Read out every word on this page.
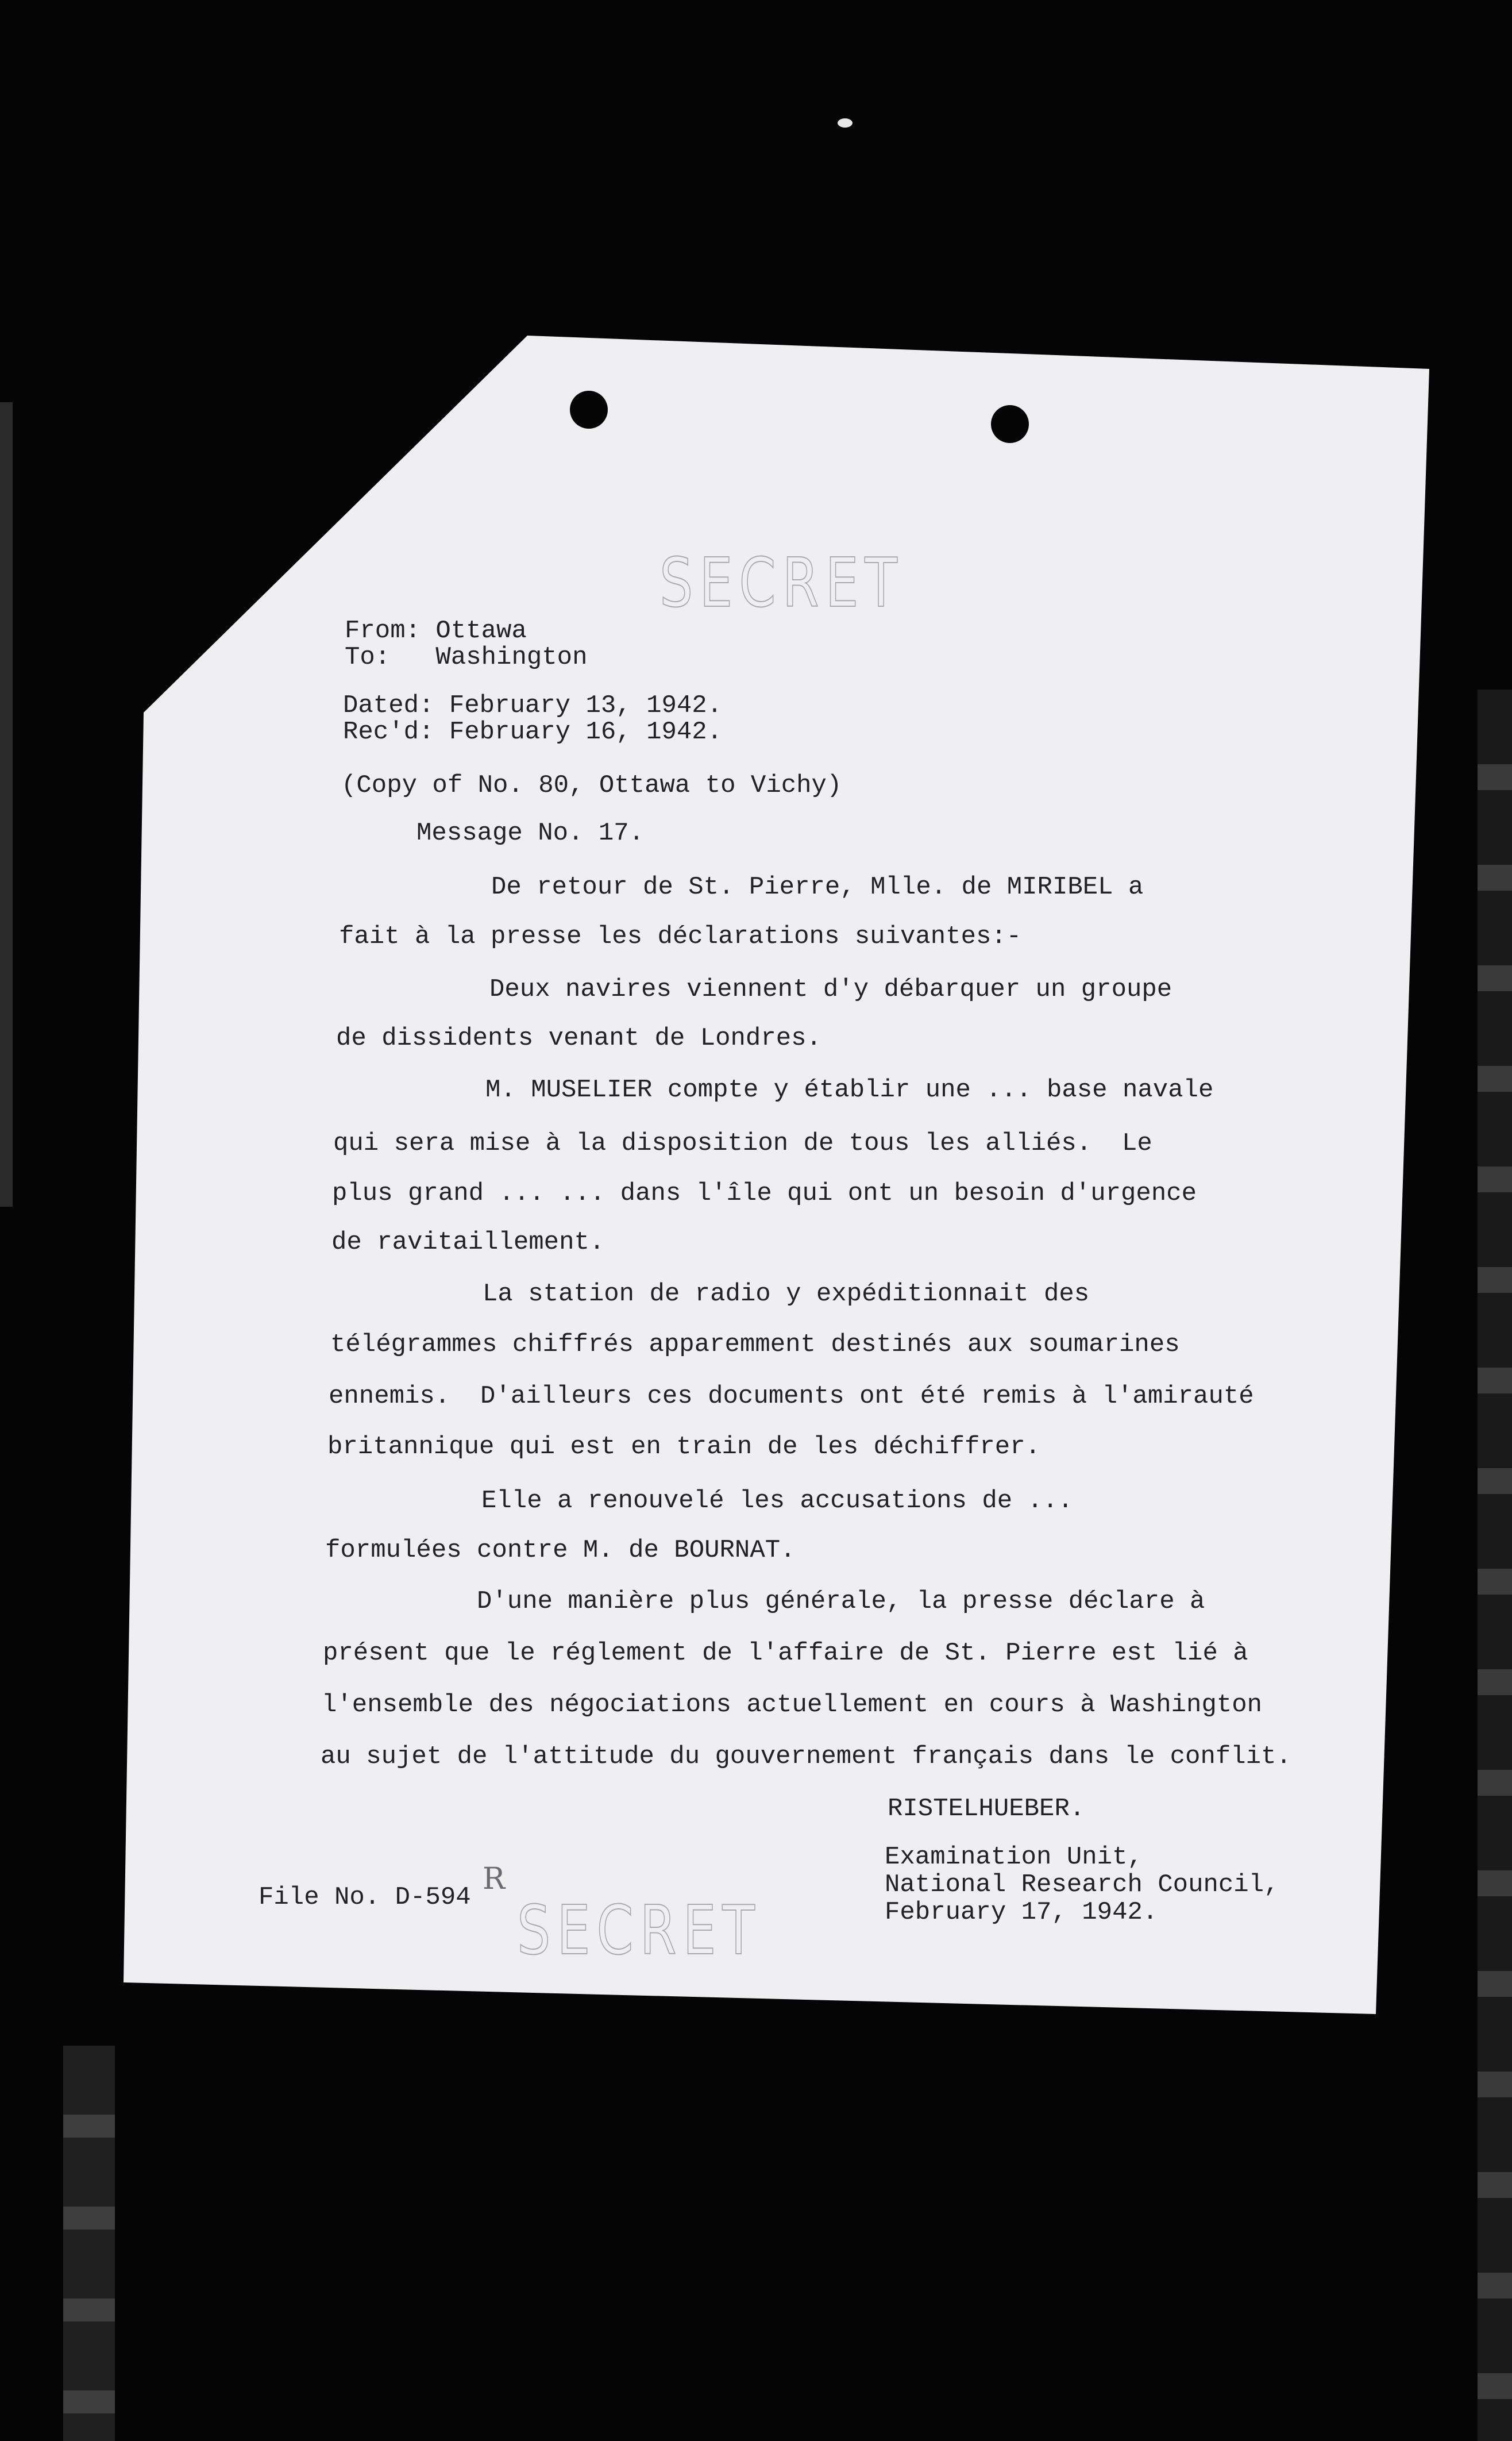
SECRET
From: Ottawa
To:   Washington
Dated: February 13, 1942.
Rec'd: February 16, 1942.
(Copy of No. 80, Ottawa to Vichy)
Message No. 17.
De retour de St. Pierre, Mlle. de MIRIBEL a
fait à la presse les déclarations suivantes:-
Deux navires viennent d'y débarquer un groupe
de dissidents venant de Londres.
M. MUSELIER compte y établir une ... base navale
qui sera mise à la disposition de tous les alliés.  Le
plus grand ... ... dans l'île qui ont un besoin d'urgence
de ravitaillement.
La station de radio y expéditionnait des
télégrammes chiffrés apparemment destinés aux soumarines
ennemis.  D'ailleurs ces documents ont été remis à l'amirauté
britannique qui est en train de les déchiffrer.
Elle a renouvelé les accusations de ...
formulées contre M. de BOURNAT.
D'une manière plus générale, la presse déclare à
présent que le réglement de l'affaire de St. Pierre est lié à
l'ensemble des négociations actuellement en cours à Washington
au sujet de l'attitude du gouvernement français dans le conflit.
RISTELHUEBER.
Examination Unit,
National Research Council,
February 17, 1942.
File No. D-594
R
SECRET
